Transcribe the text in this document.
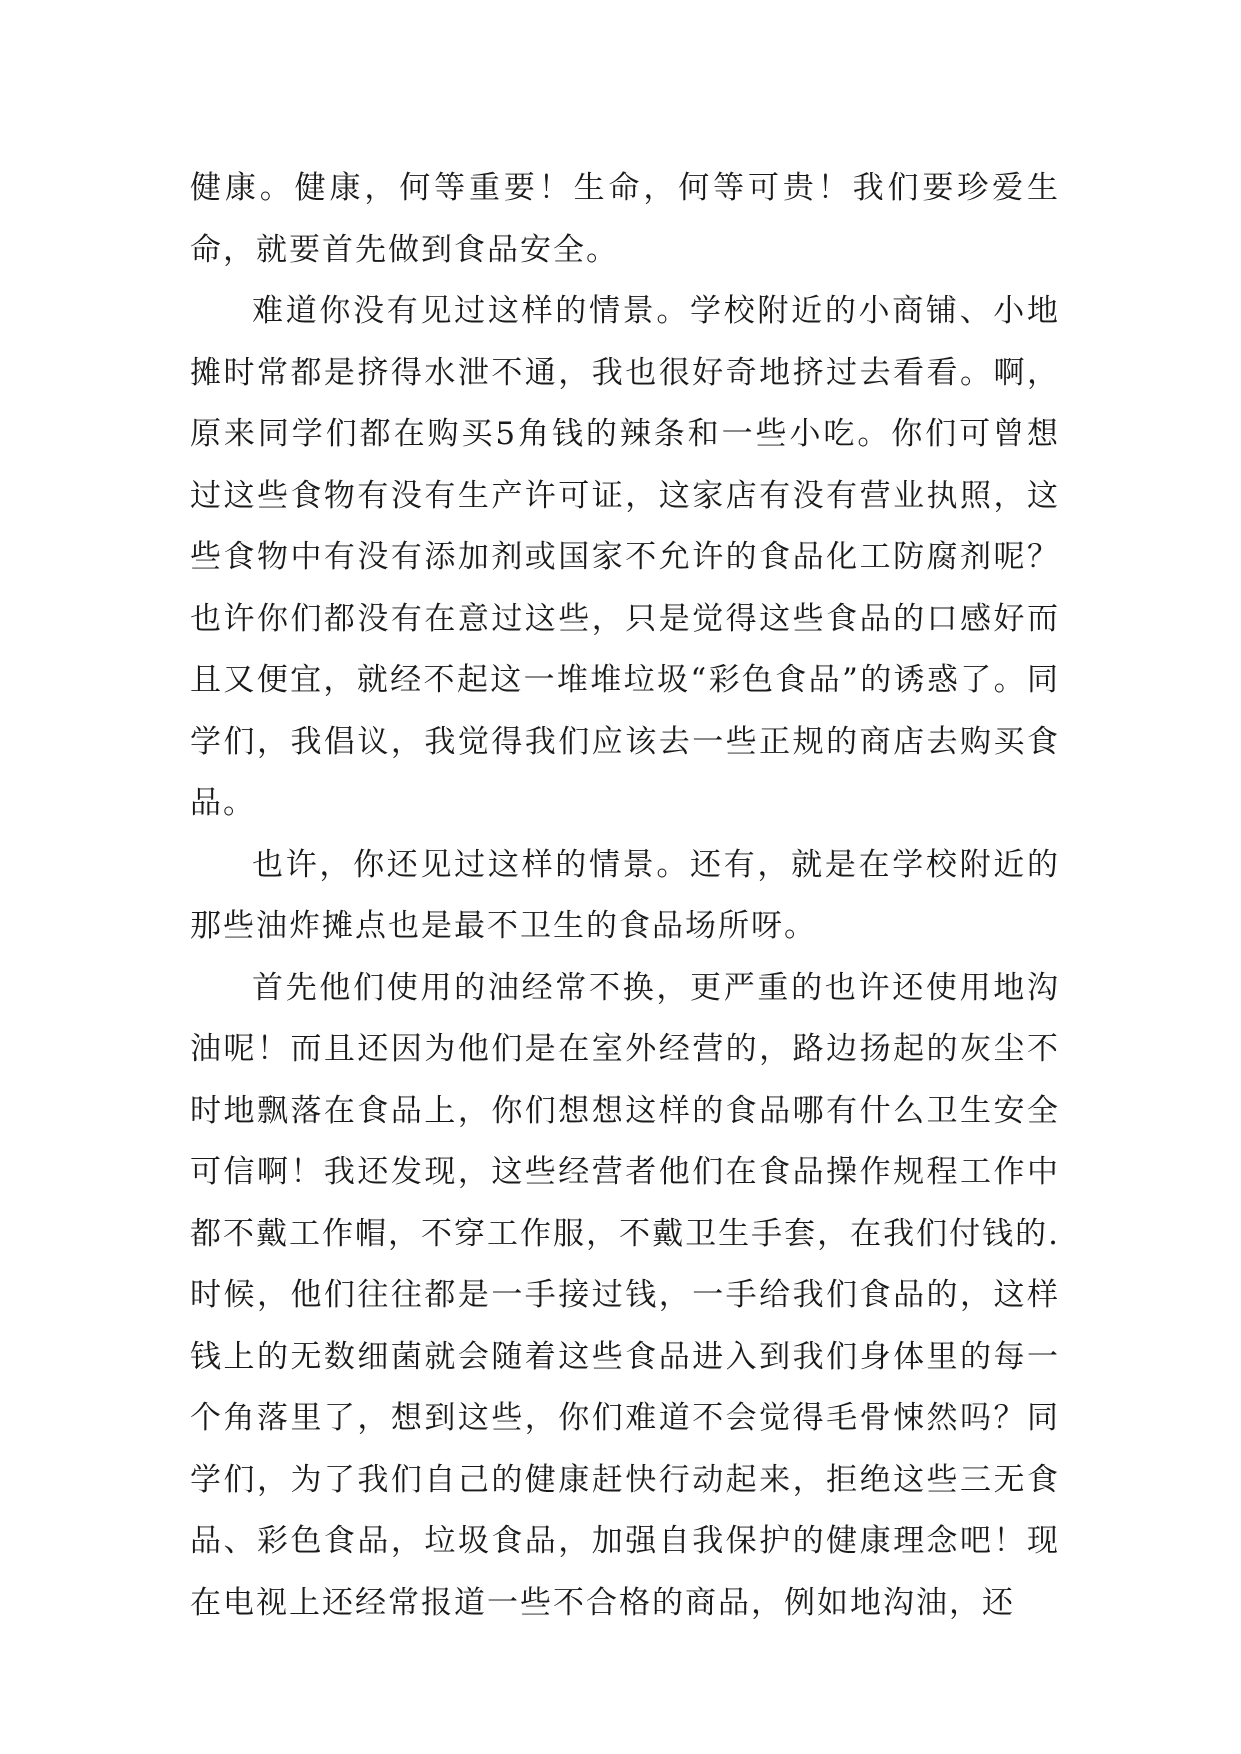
健康。健康，何等重要！生命，何等可贵！我们要珍爱生命，就要首先做到食品安全。

难道你没有见过这样的情景。学校附近的小商铺、小地摊时常都是挤得水泄不通，我也很好奇地挤过去看看。啊，原来同学们都在购买5角钱的辣条和一些小吃。你们可曾想过这些食物有没有生产许可证，这家店有没有营业执照，这些食物中有没有添加剂或国家不允许的食品化工防腐剂呢？也许你们都没有在意过这些，只是觉得这些食品的口感好而且又便宜，就经不起这一堆堆垃圾“彩色食品”的诱惑了。同学们，我倡议，我觉得我们应该去一些正规的商店去购买食品。

也许，你还见过这样的情景。还有，就是在学校附近的那些油炸摊点也是最不卫生的食品场所呀。

首先他们使用的油经常不换，更严重的也许还使用地沟油呢！而且还因为他们是在室外经营的，路边扬起的灰尘不时地飘落在食品上，你们想想这样的食品哪有什么卫生安全可信啊！我还发现，这些经营者他们在食品操作规程工作中都不戴工作帽，不穿工作服，不戴卫生手套，在我们付钱的.时候，他们往往都是一手接过钱，一手给我们食品的，这样钱上的无数细菌就会随着这些食品进入到我们身体里的每一个角落里了，想到这些，你们难道不会觉得毛骨悚然吗？同学们，为了我们自己的健康赶快行动起来，拒绝这些三无食品、彩色食品，垃圾食品，加强自我保护的健康理念吧！现在电视上还经常报道一些不合格的商品，例如地沟油，还
